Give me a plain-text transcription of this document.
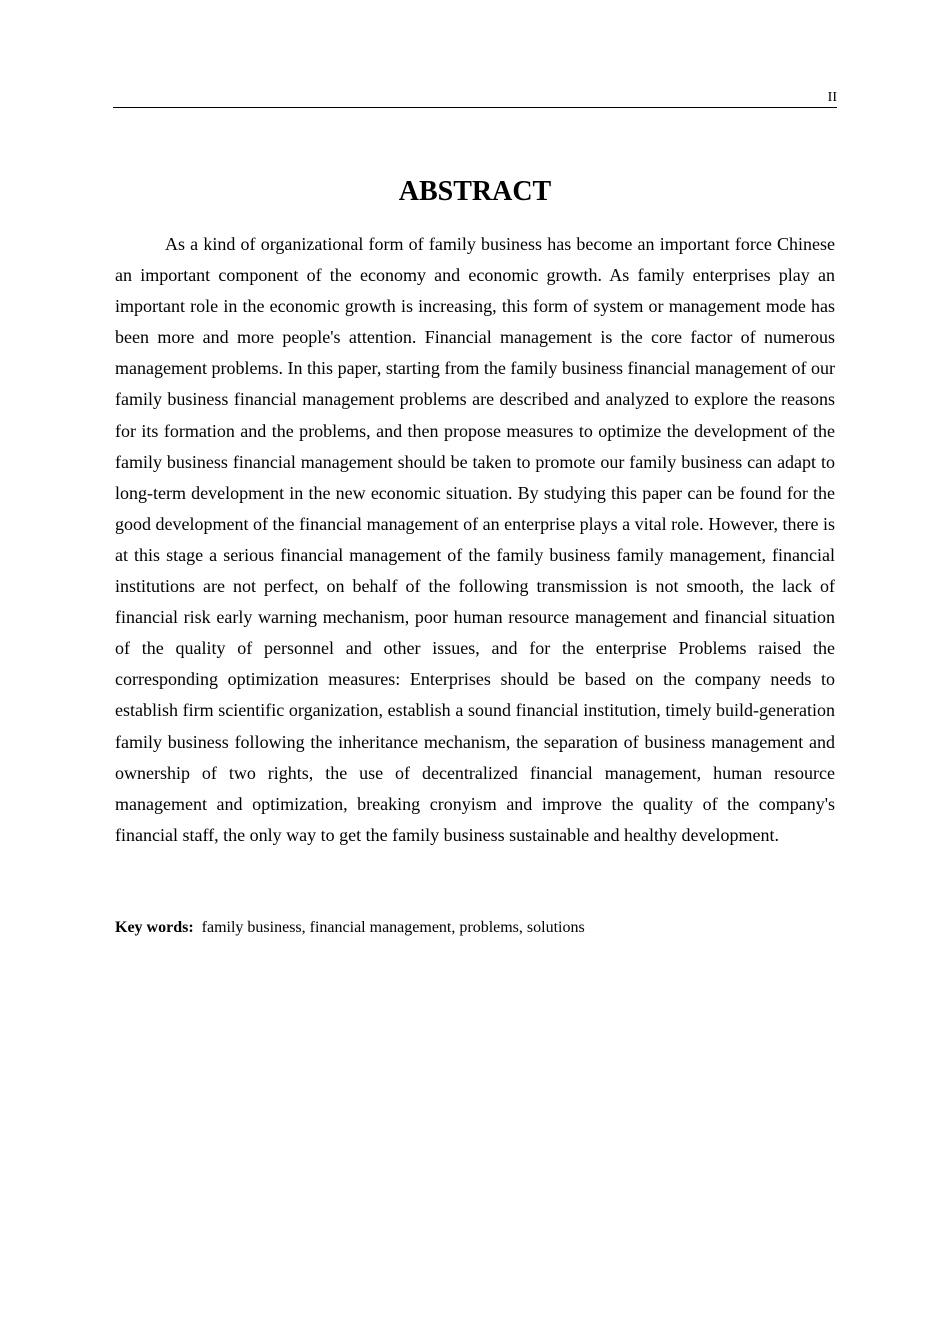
II
ABSTRACT

As a kind of organizational form of family business has become an important force Chinese an important component of the economy and economic growth. As family enterprises play an important role in the economic growth is increasing, this form of system or management mode has been more and more people's attention. Financial management is the core factor of numerous management problems. In this paper, starting from the family business financial management of our family business financial management problems are described and analyzed to explore the reasons for its formation and the problems, and then propose measures to optimize the development of the family business financial management should be taken to promote our family business can adapt to long-term development in the new economic situation. By studying this paper can be found for the good development of the financial management of an enterprise plays a vital role. However, there is at this stage a serious financial management of the family business family management, financial institutions are not perfect, on behalf of the following transmission is not smooth, the lack of financial risk early warning mechanism, poor human resource management and financial situation of the quality of personnel and other issues, and for the enterprise Problems raised the corresponding optimization measures: Enterprises should be based on the company needs to establish firm scientific organization, establish a sound financial institution, timely build-generation family business following the inheritance mechanism, the separation of business management and ownership of two rights, the use of decentralized financial management, human resource management and optimization, breaking cronyism and improve the quality of the company's financial staff, the only way to get the family business sustainable and healthy development.

Key words: family business, financial management, problems, solutions
